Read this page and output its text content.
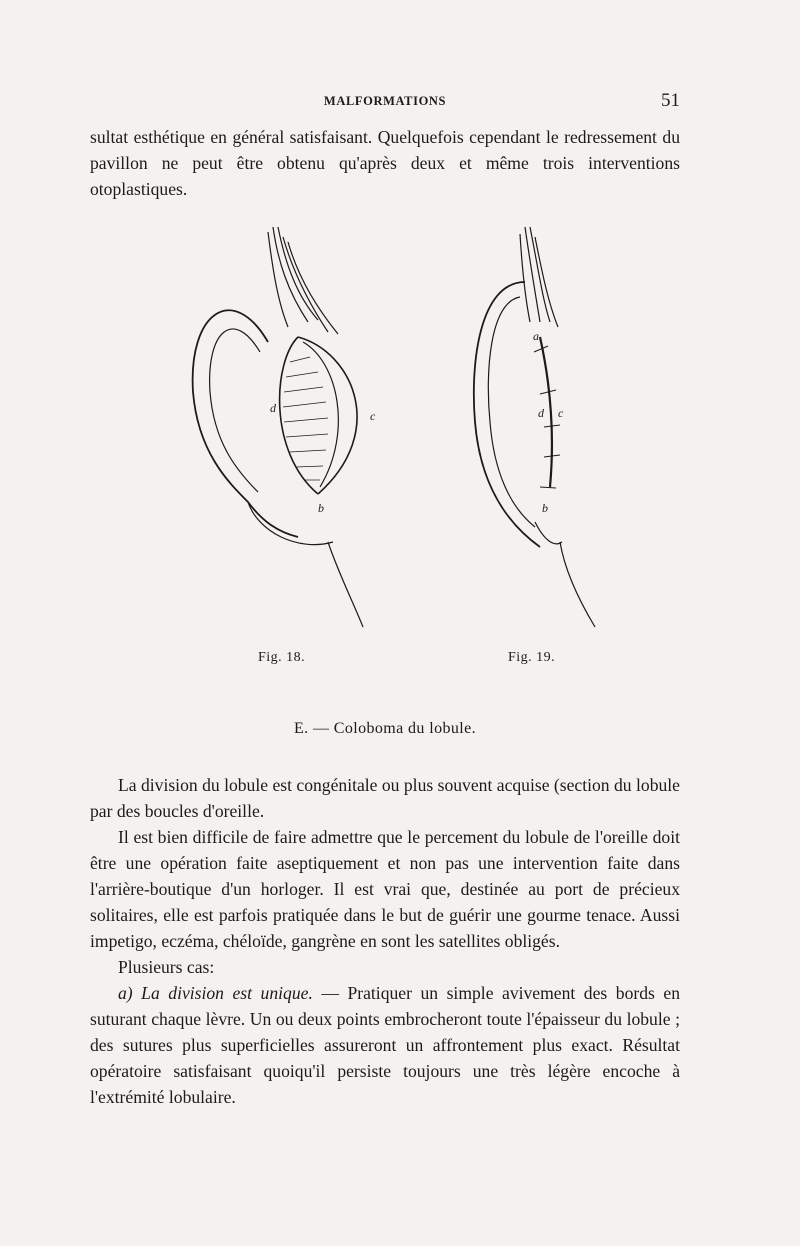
MALFORMATIONS	51

sultat esthétique en général satisfaisant. Quelquefois cependant le redressement du pavillon ne peut être obtenu qu'après deux et même trois interventions otoplastiques.

d
c
b
a
d c
b
Fig. 18.	Fig. 19.
E. — Coloboma du lobule.

La division du lobule est congénitale ou plus souvent acquise (section du lobule par des boucles d'oreille.

Il est bien difficile de faire admettre que le percement du lobule de l'oreille doit être une opération faite aseptiquement et non pas une intervention faite dans l'arrière-boutique d'un horloger. Il est vrai que, destinée au port de précieux solitaires, elle est parfois pratiquée dans le but de guérir une gourme tenace. Aussi impetigo, eczéma, chéloïde, gangrène en sont les satellites obligés.

Plusieurs cas:

a) La division est unique. — Pratiquer un simple avivement des bords en suturant chaque lèvre. Un ou deux points embrocheront toute l'épaisseur du lobule ; des sutures plus superficielles assureront un affrontement plus exact. Résultat opératoire satisfaisant quoiqu'il persiste toujours une très légère encoche à l'extrémité lobulaire.
